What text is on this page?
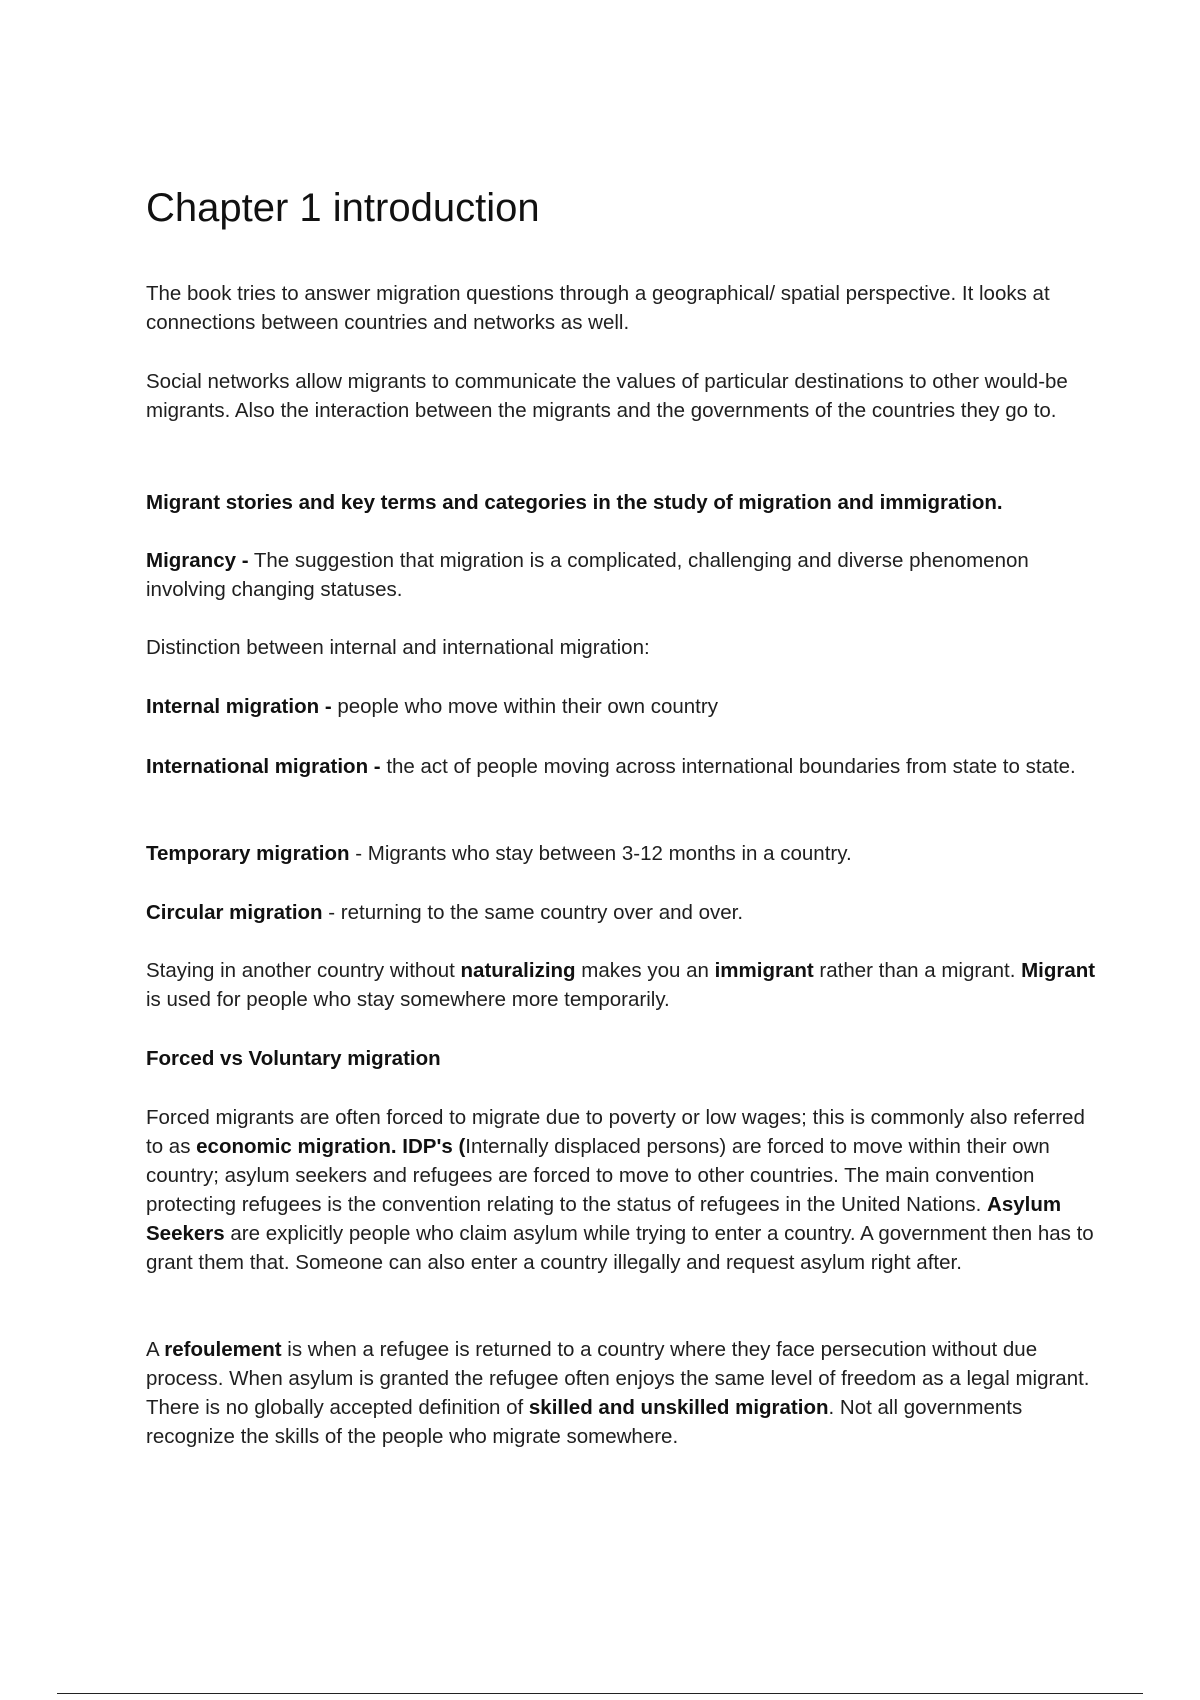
Chapter 1 introduction

The book tries to answer migration questions through a geographical/ spatial perspective. It looks at connections between countries and networks as well.

Social networks allow migrants to communicate the values of particular destinations to other would-be migrants. Also the interaction between the migrants and the governments of the countries they go to.

Migrant stories and key terms and categories in the study of migration and immigration.

Migrancy - The suggestion that migration is a complicated, challenging and diverse phenomenon involving changing statuses.

Distinction between internal and international migration:

Internal migration - people who move within their own country

International migration - the act of people moving across international boundaries from state to state.

Temporary migration - Migrants who stay between 3-12 months in a country.

Circular migration - returning to the same country over and over.

Staying in another country without naturalizing makes you an immigrant rather than a migrant. Migrant is used for people who stay somewhere more temporarily.

Forced vs Voluntary migration

Forced migrants are often forced to migrate due to poverty or low wages; this is commonly also referred to as economic migration. IDP's (Internally displaced persons) are forced to move within their own country; asylum seekers and refugees are forced to move to other countries. The main convention protecting refugees is the convention relating to the status of refugees in the United Nations. Asylum Seekers are explicitly people who claim asylum while trying to enter a country. A government then has to grant them that. Someone can also enter a country illegally and request asylum right after.

A refoulement is when a refugee is returned to a country where they face persecution without due process. When asylum is granted the refugee often enjoys the same level of freedom as a legal migrant. There is no globally accepted definition of skilled and unskilled migration. Not all governments recognize the skills of the people who migrate somewhere.
